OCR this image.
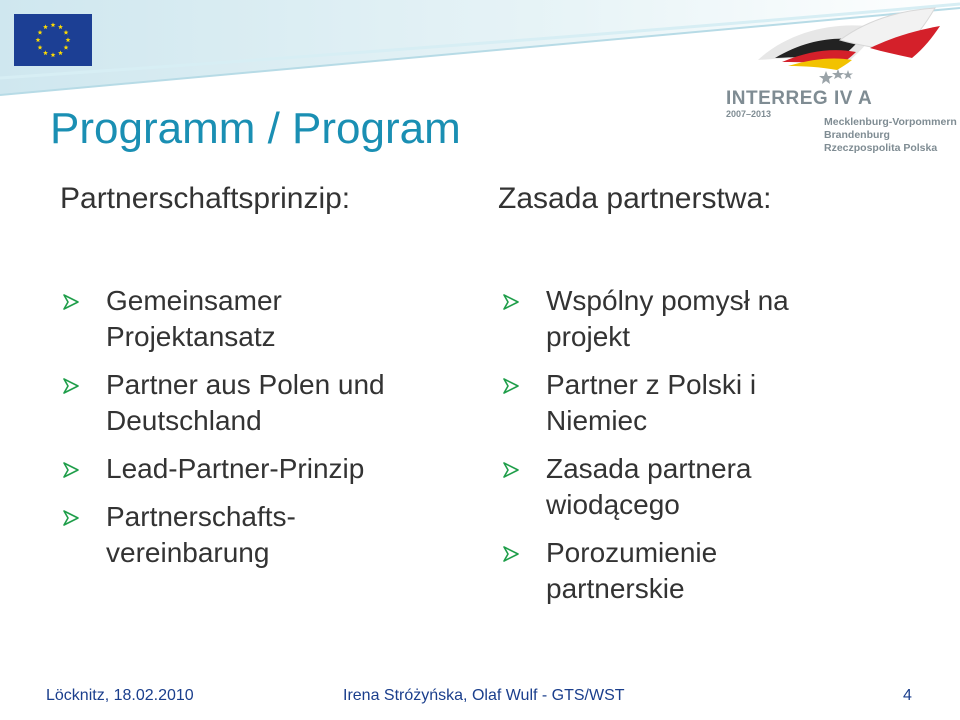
Programm / Program
INTERREG IV A
2007–2013
Mecklenburg-Vorpommern
Brandenburg
Rzeczpospolita Polska
Partnerschaftsprinzip:	Zasada partnerstwa:
Gemeinsamer
Projektansatz
Partner aus Polen und
Deutschland
Lead-Partner-Prinzip
Partnerschafts-
vereinbarung
Wspólny pomysł na
projekt
Partner z Polski i
Niemiec
Zasada partnera
wiodącego
Porozumienie
partnerskie
Löcknitz, 18.02.2010	Irena Stróżyńska, Olaf Wulf - GTS/WST	4
